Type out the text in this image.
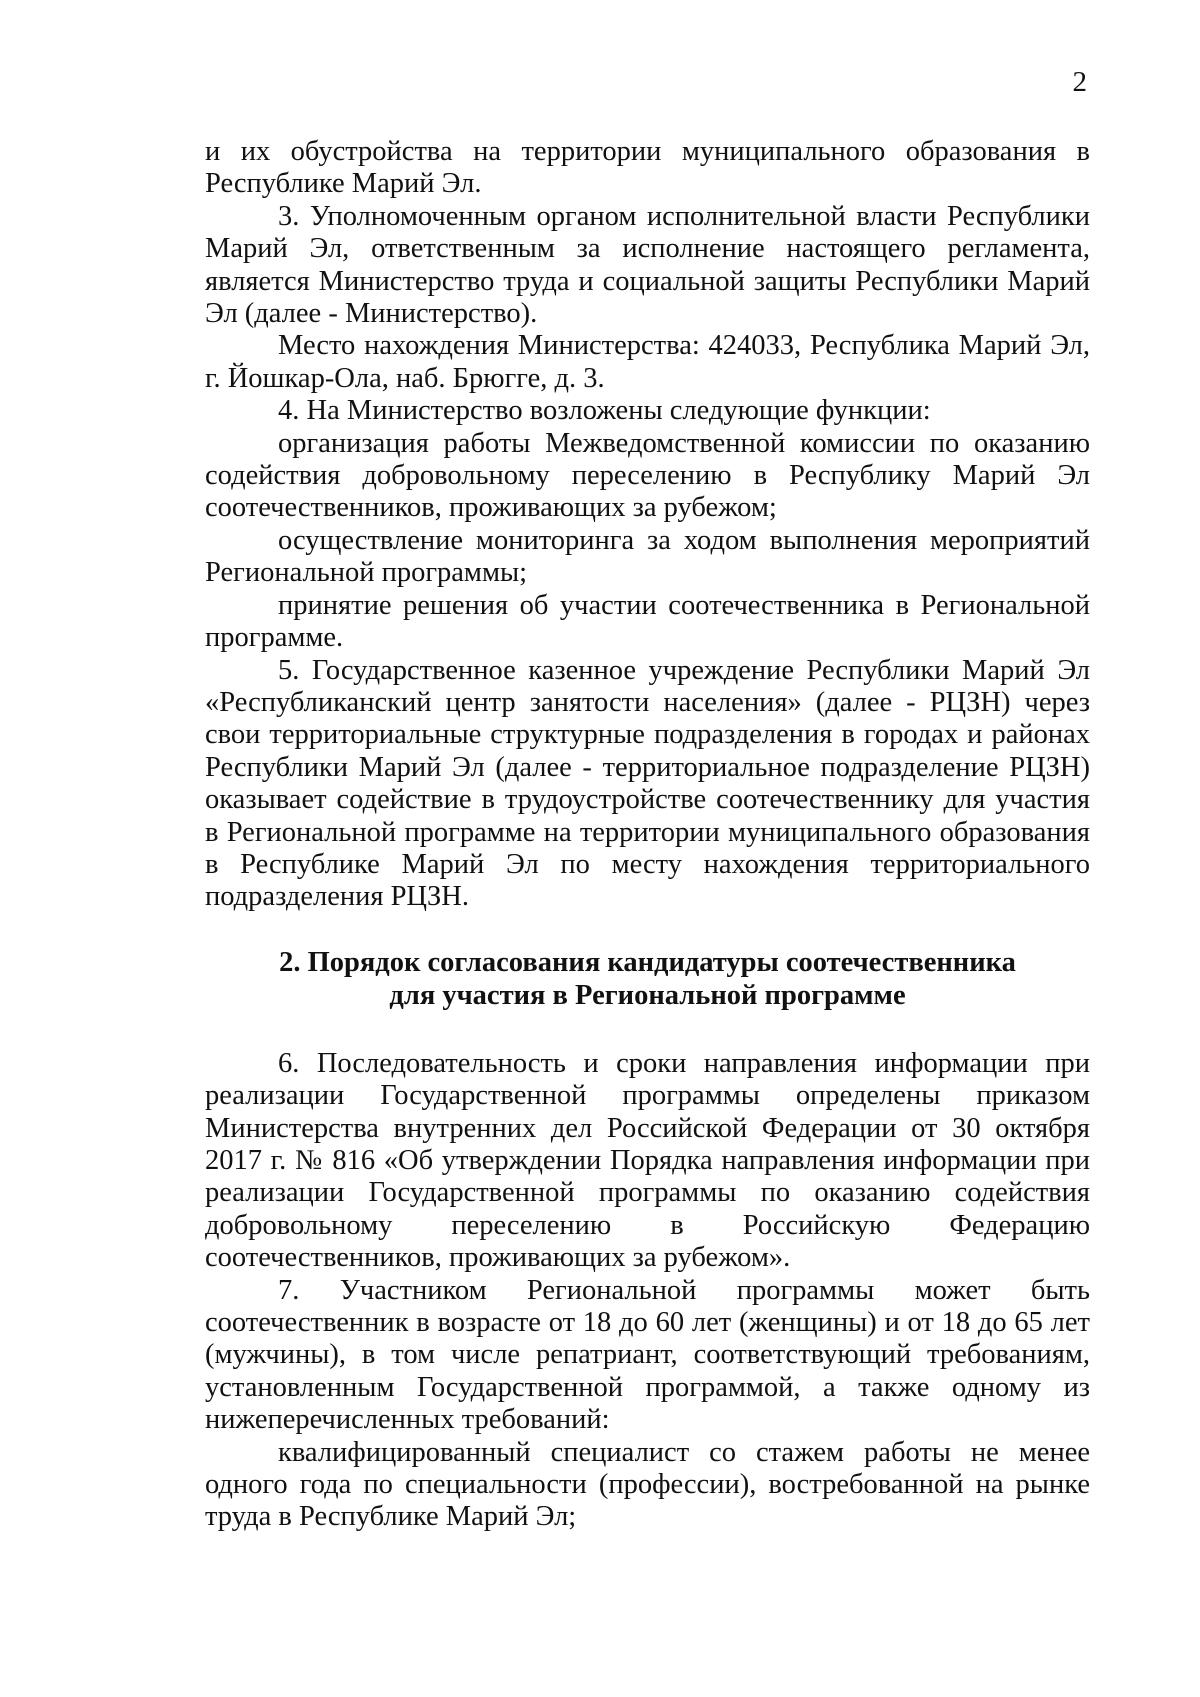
2

и их обустройства на территории муниципального образования в Республике Марий Эл.

3. Уполномоченным органом исполнительной власти Республики Марий Эл, ответственным за исполнение настоящего регламента, является Министерство труда и социальной защиты Республики Марий Эл (далее - Министерство).

Место нахождения Министерства: 424033, Республика Марий Эл, г. Йошкар-Ола, наб. Брюгге, д. 3.

4. На Министерство возложены следующие функции:

организация работы Межведомственной комиссии по оказанию содействия добровольному переселению в Республику Марий Эл соотечественников, проживающих за рубежом;

осуществление мониторинга за ходом выполнения мероприятий Региональной программы;

принятие решения об участии соотечественника в Региональной программе.

5. Государственное казенное учреждение Республики Марий Эл «Республиканский центр занятости населения» (далее - РЦЗН) через свои территориальные структурные подразделения в городах и районах Республики Марий Эл (далее - территориальное подразделение РЦЗН) оказывает содействие в трудоустройстве соотечественнику для участия в Региональной программе на территории муниципального образования в Республике Марий Эл по месту нахождения территориального подразделения РЦЗН.

2. Порядок согласования кандидатуры соотечественника
для участия в Региональной программе

6. Последовательность и сроки направления информации при реализации Государственной программы определены приказом Министерства внутренних дел Российской Федерации от 30 октября 2017 г. № 816 «Об утверждении Порядка направления информации при реализации Государственной программы по оказанию содействия добровольному переселению в Российскую Федерацию соотечественников, проживающих за рубежом».

7. Участником Региональной программы может быть соотечественник в возрасте от 18 до 60 лет (женщины) и от 18 до 65 лет (мужчины), в том числе репатриант, соответствующий требованиям, установленным Государственной программой, а также одному из нижеперечисленных требований:

квалифицированный специалист со стажем работы не менее одного года по специальности (профессии), востребованной на рынке труда в Республике Марий Эл;
